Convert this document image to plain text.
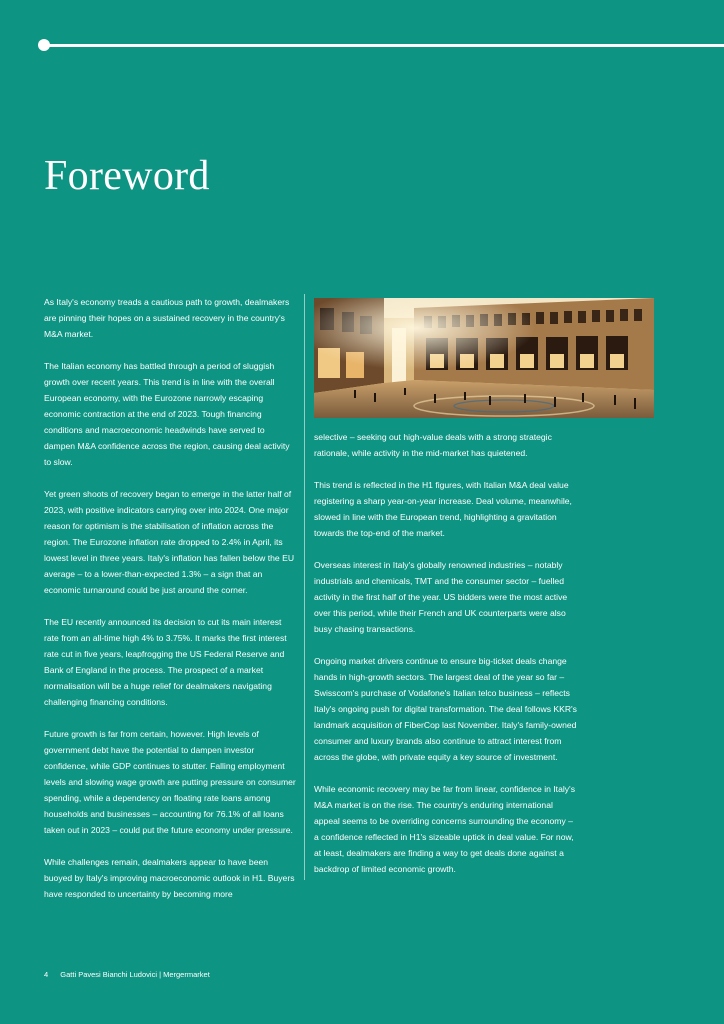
Foreword

As Italy's economy treads a cautious path to growth, dealmakers are pinning their hopes on a sustained recovery in the country's M&A market.

The Italian economy has battled through a period of sluggish growth over recent years. This trend is in line with the overall European economy, with the Eurozone narrowly escaping economic contraction at the end of 2023. Tough financing conditions and macroeconomic headwinds have served to dampen M&A confidence across the region, causing deal activity to slow.

Yet green shoots of recovery began to emerge in the latter half of 2023, with positive indicators carrying over into 2024. One major reason for optimism is the stabilisation of inflation across the region. The Eurozone inflation rate dropped to 2.4% in April, its lowest level in three years. Italy's inflation has fallen below the EU average – to a lower-than-expected 1.3% – a sign that an economic turnaround could be just around the corner.

The EU recently announced its decision to cut its main interest rate from an all-time high 4% to 3.75%. It marks the first interest rate cut in five years, leapfrogging the US Federal Reserve and Bank of England in the process. The prospect of a market normalisation will be a huge relief for dealmakers navigating challenging financing conditions.

Future growth is far from certain, however. High levels of government debt have the potential to dampen investor confidence, while GDP continues to stutter. Falling employment levels and slowing wage growth are putting pressure on consumer spending, while a dependency on floating rate loans among households and businesses – accounting for 76.1% of all loans taken out in 2023 – could put the future economy under pressure.

While challenges remain, dealmakers appear to have been buoyed by Italy's improving macroeconomic outlook in H1. Buyers have responded to uncertainty by becoming more

selective – seeking out high-value deals with a strong strategic rationale, while activity in the mid-market has quietened.

This trend is reflected in the H1 figures, with Italian M&A deal value registering a sharp year-on-year increase. Deal volume, meanwhile, slowed in line with the European trend, highlighting a gravitation towards the top-end of the market.

Overseas interest in Italy's globally renowned industries – notably industrials and chemicals, TMT and the consumer sector – fuelled activity in the first half of the year. US bidders were the most active over this period, while their French and UK counterparts were also busy chasing transactions.

Ongoing market drivers continue to ensure big-ticket deals change hands in high-growth sectors. The largest deal of the year so far – Swisscom's purchase of Vodafone's Italian telco business – reflects Italy's ongoing push for digital transformation. The deal follows KKR's landmark acquisition of FiberCop last November. Italy's family-owned consumer and luxury brands also continue to attract interest from across the globe, with private equity a key source of investment.

While economic recovery may be far from linear, confidence in Italy's M&A market is on the rise. The country's enduring international appeal seems to be overriding concerns surrounding the economy – a confidence reflected in H1's sizeable uptick in deal value. For now, at least, dealmakers are finding a way to get deals done against a backdrop of limited economic growth.

4 Gatti Pavesi Bianchi Ludovici | Mergermarket
